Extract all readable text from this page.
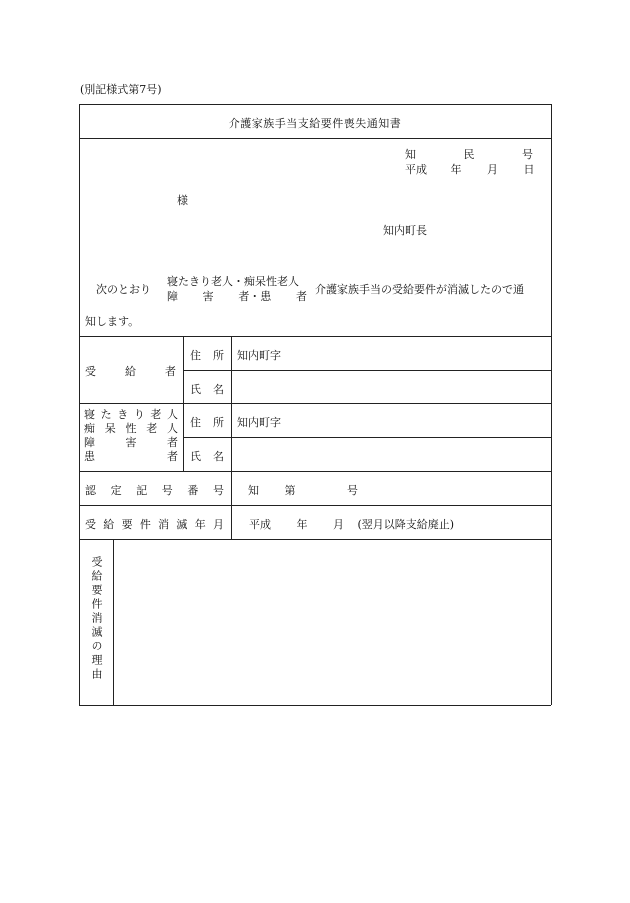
(別記様式第7号)
介護家族手当支給要件喪失通知書
知	民	号
平成 年 月 日
様
知内町長
次のとおり
寝たきり老人・痴呆性老人
障 害 者・患 者
介護家族手当の受給要件が消滅したので通
知します。
受	給	者
住 所 知内町字
氏 名
寝 た き り 老 人
痴 呆 性 老 人
障	害	者
患	者
住 所 知内町字
氏 名
認 定 記 号 番 号 知 第	号
受 給 要 件 消 滅 年 月 平成 年 月 (翌月以降支給廃止)
受給要件消滅の理由
